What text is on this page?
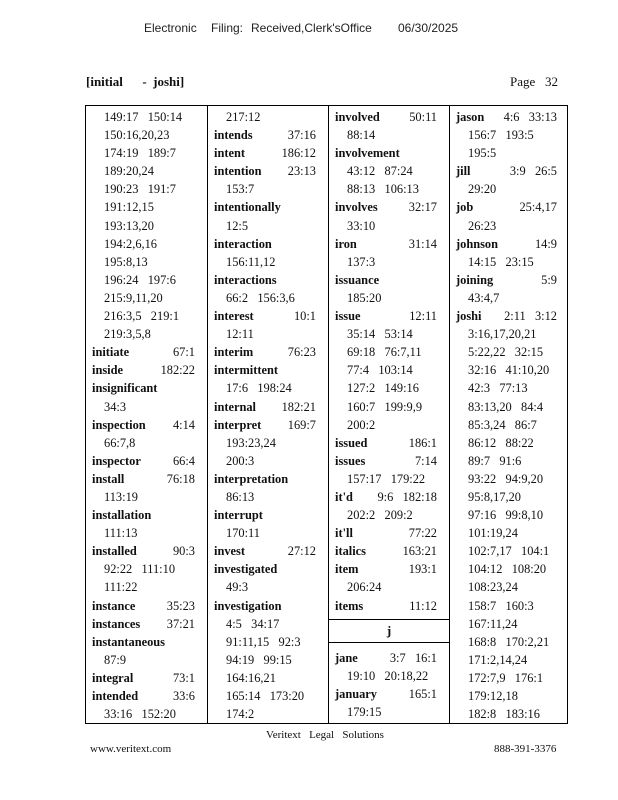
Electronic Filing: Received,Clerk'sOffice 06/30/2025
[initial      -  joshi]	Page   32
149:17   150:14
150:16,20,23
174:19   189:7
189:20,24
190:23   191:7
191:12,15
193:13,20
194:2,6,16
195:8,13
196:24   197:6
215:9,11,20
216:3,5   219:1
219:3,5,8
initiate	67:1
inside	182:22
insignificant
34:3
inspection 4:14
66:7,8
inspector	66:4
install	76:18
113:19
installation
111:13
installed	90:3
92:22   111:10
111:22
instance	35:23
instances 37:21
instantaneous
87:9
integral	73:1
intended	33:6
33:16   152:20
217:12
intends	37:16
intent	186:12
intention 23:13
153:7
intentionally
12:5
interaction
156:11,12
interactions
66:2   156:3,6
interest	10:1
12:11
interim	76:23
intermittent
17:6   198:24
internal 182:21
interpret 169:7
193:23,24
200:3
interpretation
86:13
interrupt
170:11
invest	27:12
investigated
49:3
investigation
4:5   34:17
91:11,15   92:3
94:19   99:15
164:16,21
165:14   173:20
174:2
involved 50:11
88:14
involvement
43:12   87:24
88:13   106:13
involves	32:17
33:10
iron	31:14
137:3
issuance
185:20
issue	12:11
35:14   53:14
69:18   76:7,11
77:4   103:14
127:2   149:16
160:7   199:9,9
200:2
issued	186:1
issues	7:14
157:17   179:22
it'd 9:6   182:18
202:2   209:2
it'll	77:22
italics	163:21
item	193:1
206:24
items	11:12
j
jane	3:7   16:1
19:10   20:18,22
january	165:1
179:15
jason 4:6   33:13
156:7   193:5
195:5
jill	3:9   26:5
29:20
job	25:4,17
26:23
johnson	14:9
14:15   23:15
joining	5:9
43:4,7
joshi 2:11   3:12
3:16,17,20,21
5:22,22   32:15
32:16   41:10,20
42:3   77:13
83:13,20   84:4
85:3,24   86:7
86:12   88:22
89:7   91:6
93:22   94:9,20
95:8,17,20
97:16   99:8,10
101:19,24
102:7,17   104:1
104:12   108:20
108:23,24
158:7   160:3
167:11,24
168:8   170:2,21
171:2,14,24
172:7,9   176:1
179:12,18
182:8   183:16
Veritext   Legal   Solutions
www.veritext.com	888-391-3376
